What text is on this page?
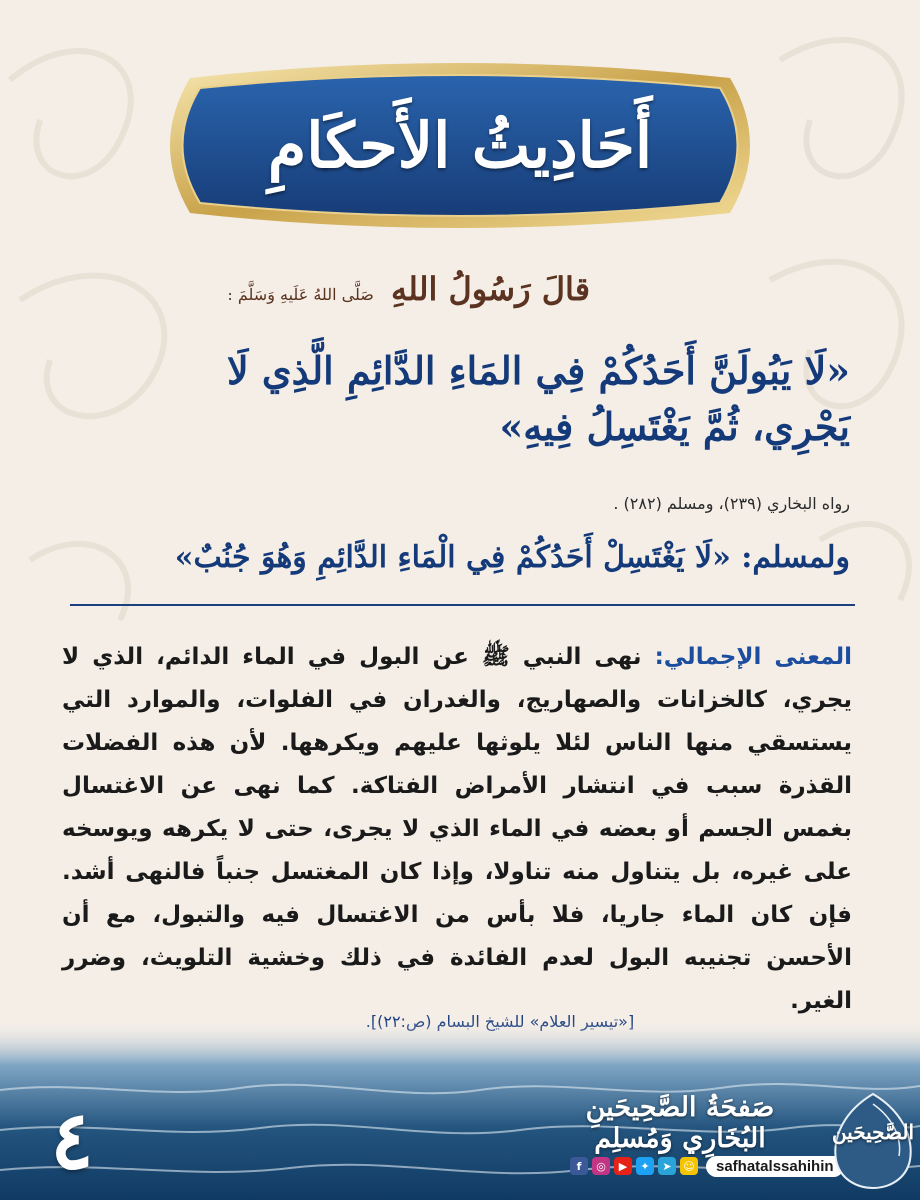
أَحَادِيثُ الأَحكَامِ
قالَ رَسُولُ اللهِ صَلَّى اللهُ عَلَيهِ وَسَلَّمَ :
«لَا يَبُولَنَّ أَحَدُكُمْ فِي المَاءِ الدَّائِمِ الَّذِي لَا
يَجْرِي، ثُمَّ يَغْتَسِلُ فِيهِ»
رواه البخاري (٢٣٩)، ومسلم (٢٨٢) .
ولمسلم: «لَا يَغْتَسِلْ أَحَدُكُمْ فِي الْمَاءِ الدَّائِمِ وَهُوَ جُنُبٌ»
المعنى الإجمالي: نهى النبي ﷺ عن البول في الماء الدائم، الذي لا يجري، كالخزانات والصهاريج، والغدران في الفلوات، والموارد التي يستسقي منها الناس لئلا يلوثها عليهم ويكرهها. لأن هذه الفضلات القذرة سبب في انتشار الأمراض الفتاكة. كما نهى عن الاغتسال بغمس الجسم أو بعضه في الماء الذي لا يجرى، حتى لا يكرهه ويوسخه على غيره، بل يتناول منه تناولا، وإذا كان المغتسل جنباً فالنهى أشد. فإن كان الماء جاريا، فلا بأس من الاغتسال فيه والتبول، مع أن الأحسن تجنيبه البول لعدم الفائدة في ذلك وخشية التلويث، وضرر الغير.
٤	صَفحَةُ الصَّحِيحَينِ البُخَارِي وَمُسلِم
f	◎	▶	✦	➤	☺	safhatalssahihin
الصَّحِيحَين
